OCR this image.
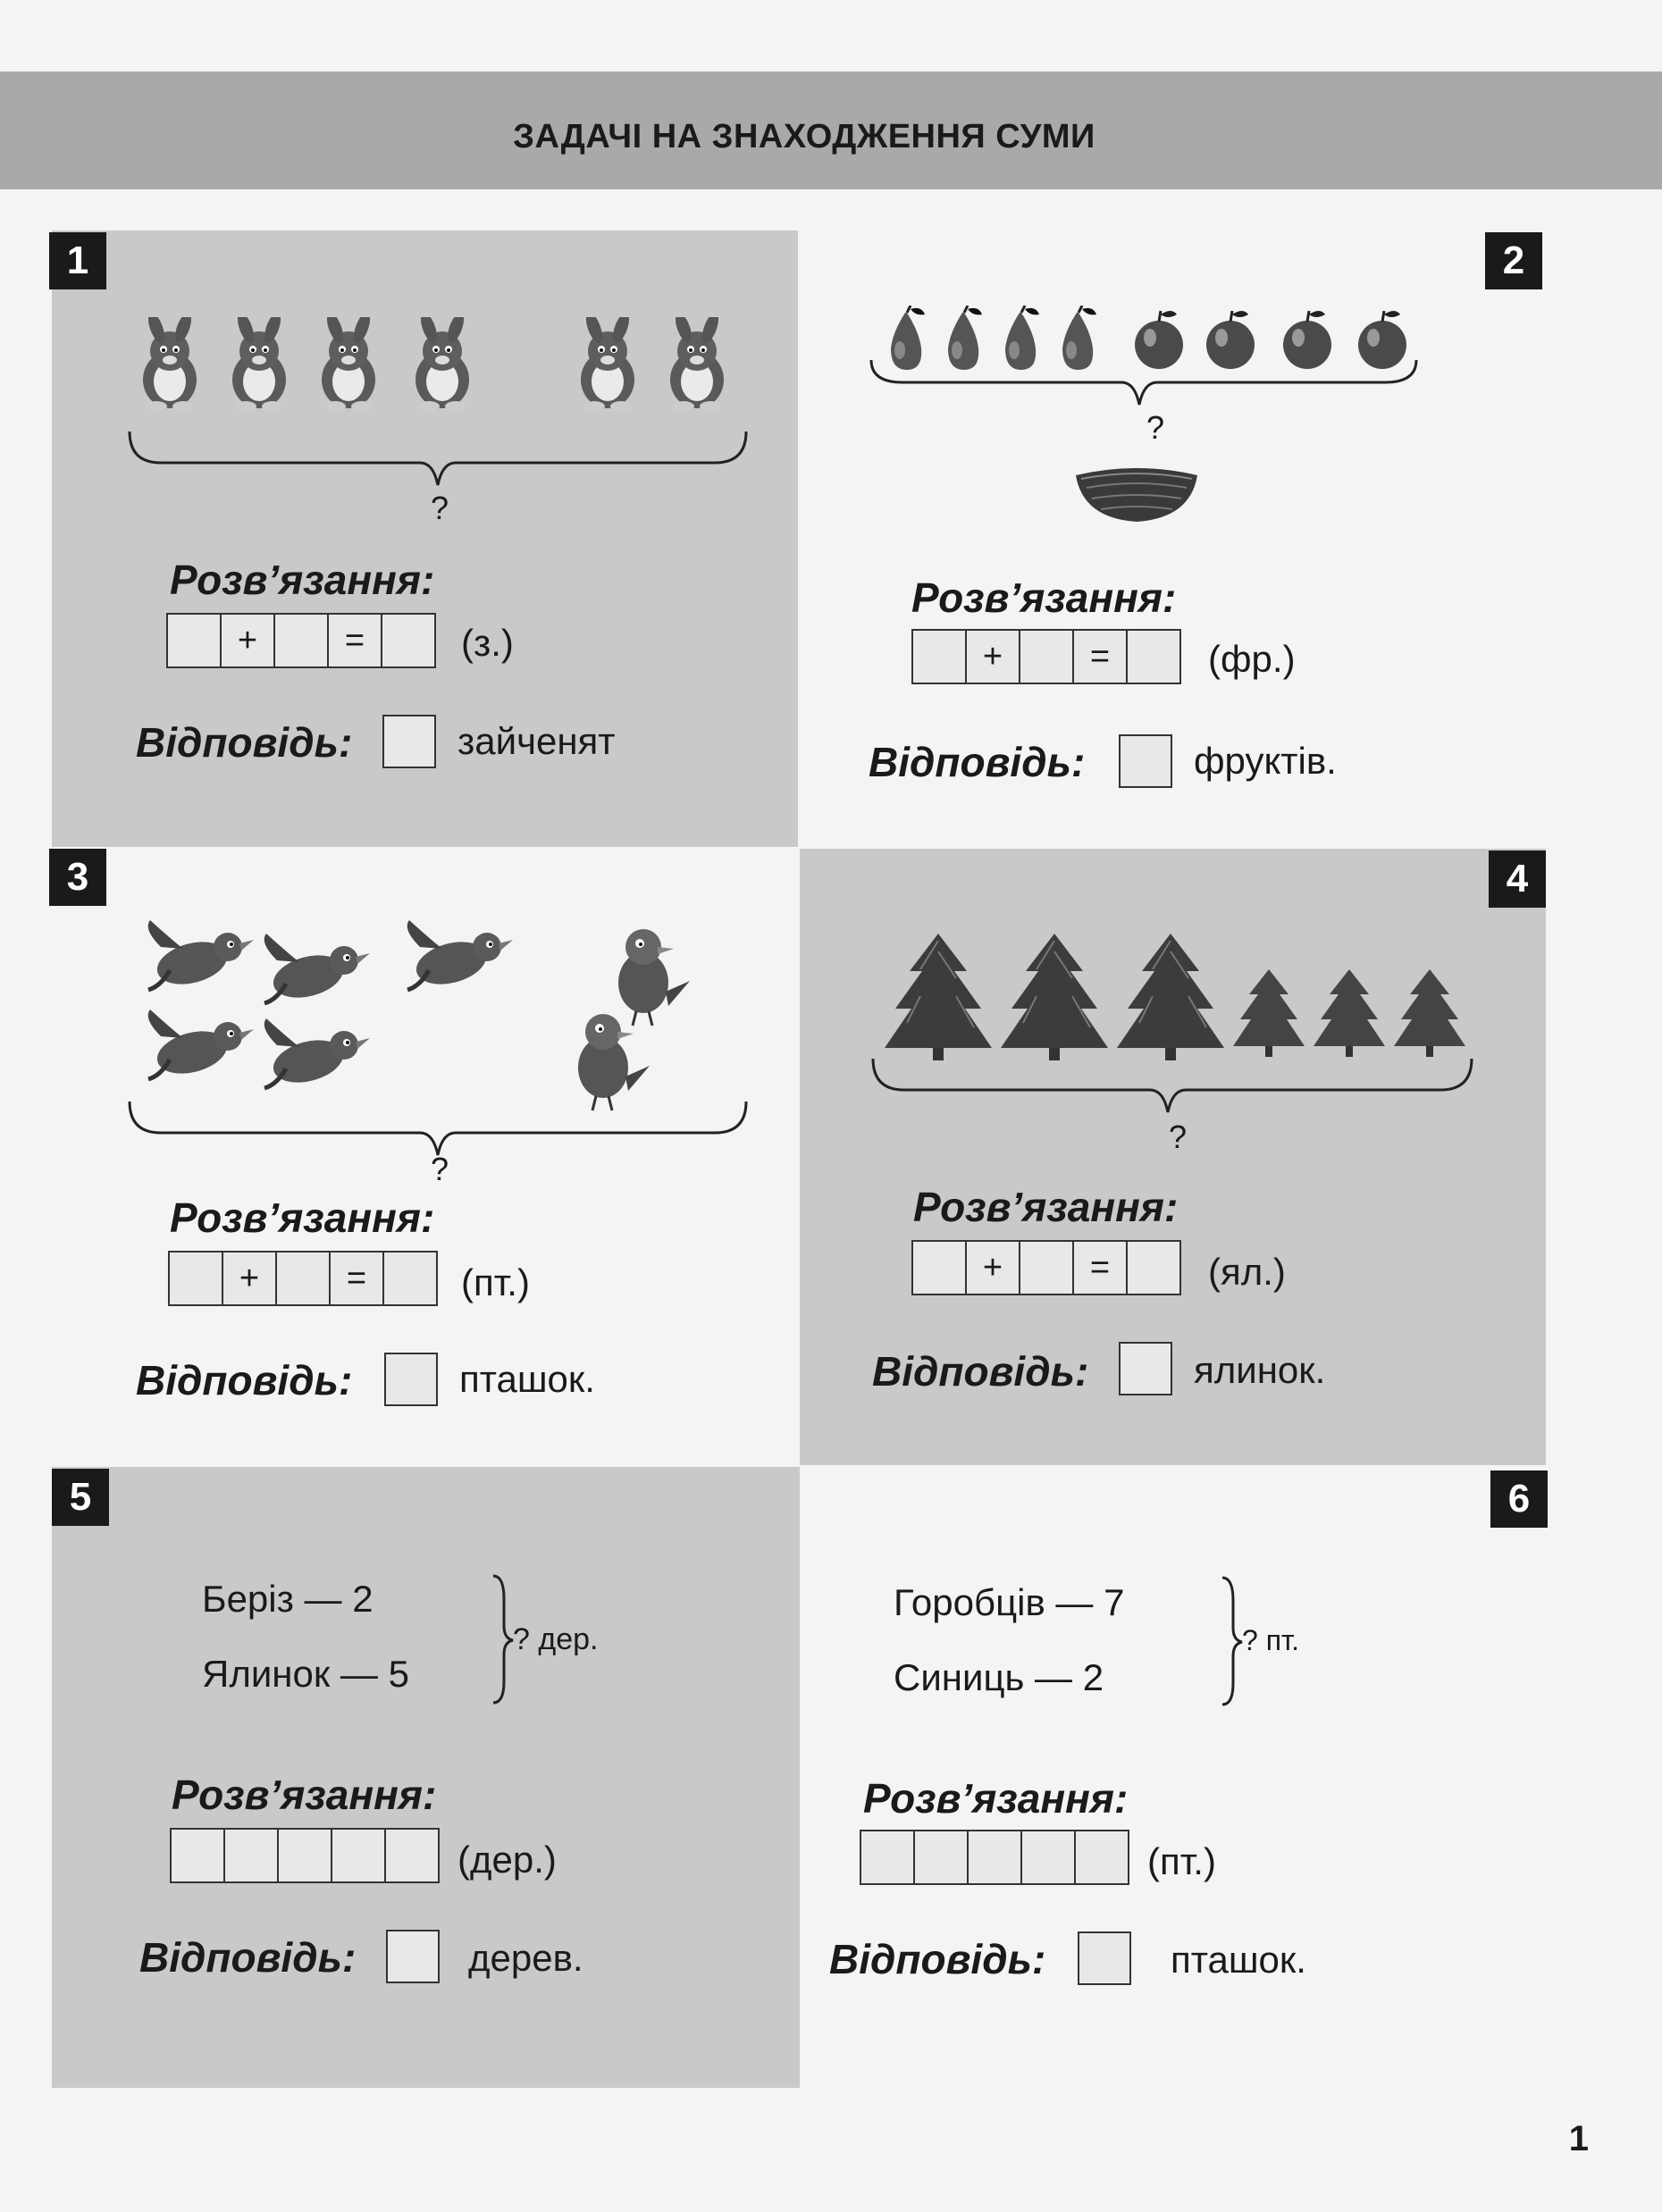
ЗАДАЧІ НА ЗНАХОДЖЕННЯ СУМИ
1
?
Розв’язання:
+	=	(з.)
Відповідь:	зайченят
2
?
Розв’язання:
+	=	(фр.)
Відповідь:	фруктів.
3
?
Розв’язання:
+	=	(пт.)
Відповідь:	пташок.
4
?
Розв’язання:
+	=	(ял.)
Відповідь:	ялинок.
5
Беріз — 2
Ялинок — 5
? дер.
Розв’язання:
(дер.)
Відповідь:	дерев.
6
Горобців — 7
Синиць — 2
? пт.
Розв’язання:
(пт.)
Відповідь:	пташок.
1
